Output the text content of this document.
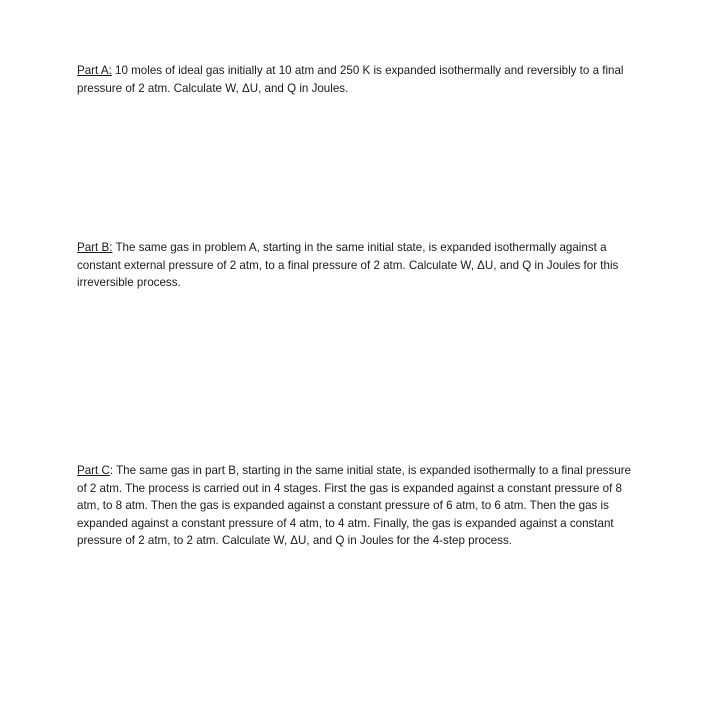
Part A: 10 moles of ideal gas initially at 10 atm and 250 K is expanded isothermally and reversibly to a final pressure of 2 atm. Calculate W, ΔU, and Q in Joules.

Part B: The same gas in problem A, starting in the same initial state, is expanded isothermally against a constant external pressure of 2 atm, to a final pressure of 2 atm. Calculate W, ΔU, and Q in Joules for this irreversible process.

Part C: The same gas in part B, starting in the same initial state, is expanded isothermally to a final pressure of 2 atm. The process is carried out in 4 stages. First the gas is expanded against a constant pressure of 8 atm, to 8 atm. Then the gas is expanded against a constant pressure of 6 atm, to 6 atm. Then the gas is expanded against a constant pressure of 4 atm, to 4 atm. Finally, the gas is expanded against a constant pressure of 2 atm, to 2 atm. Calculate W, ΔU, and Q in Joules for the 4-step process.
